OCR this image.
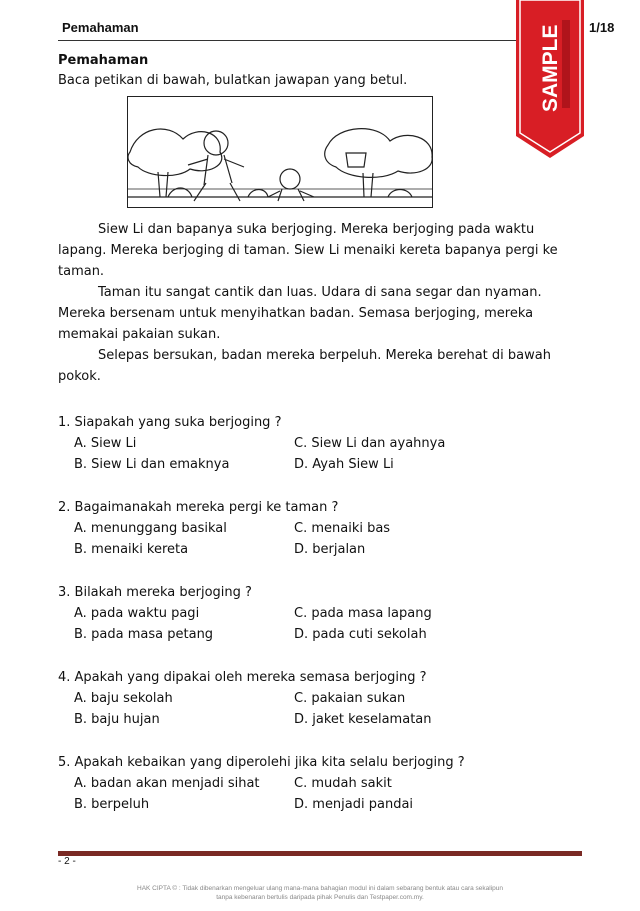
Pemahaman	1/18
SAMPLE
Pemahaman
Baca petikan di bawah, bulatkan jawapan yang betul.

Siew Li dan bapanya suka berjoging. Mereka berjoging pada waktu lapang. Mereka berjoging di taman. Siew Li menaiki kereta bapanya pergi ke taman.

Taman itu sangat cantik dan luas. Udara di sana segar dan nyaman. Mereka bersenam untuk menyihatkan badan. Semasa berjoging, mereka memakai pakaian sukan.

Selepas bersukan, badan mereka berpeluh. Mereka berehat di bawah pokok.

1. Siapakah yang suka berjoging ?

A. Siew Li	C. Siew Li dan ayahnya
B. Siew Li dan emaknya	D. Ayah Siew Li

2. Bagaimanakah mereka pergi ke taman ?

A. menunggang basikal	C. menaiki bas
B. menaiki kereta	D. berjalan

3. Bilakah mereka berjoging ?

A. pada waktu pagi	C. pada masa lapang
B. pada masa petang	D. pada cuti sekolah

4. Apakah yang dipakai oleh mereka semasa berjoging ?

A. baju sekolah	C. pakaian sukan
B. baju hujan	D. jaket keselamatan

5. Apakah kebaikan yang diperolehi jika kita selalu berjoging ?

A. badan akan menjadi sihat	C. mudah sakit
B. berpeluh	D. menjadi pandai
- 2 -
HAK CIPTA © : Tidak dibenarkan mengeluar ulang mana-mana bahagian modul ini dalam sebarang bentuk atau cara sekalipun tanpa kebenaran bertulis daripada pihak Penulis dan Testpaper.com.my.
